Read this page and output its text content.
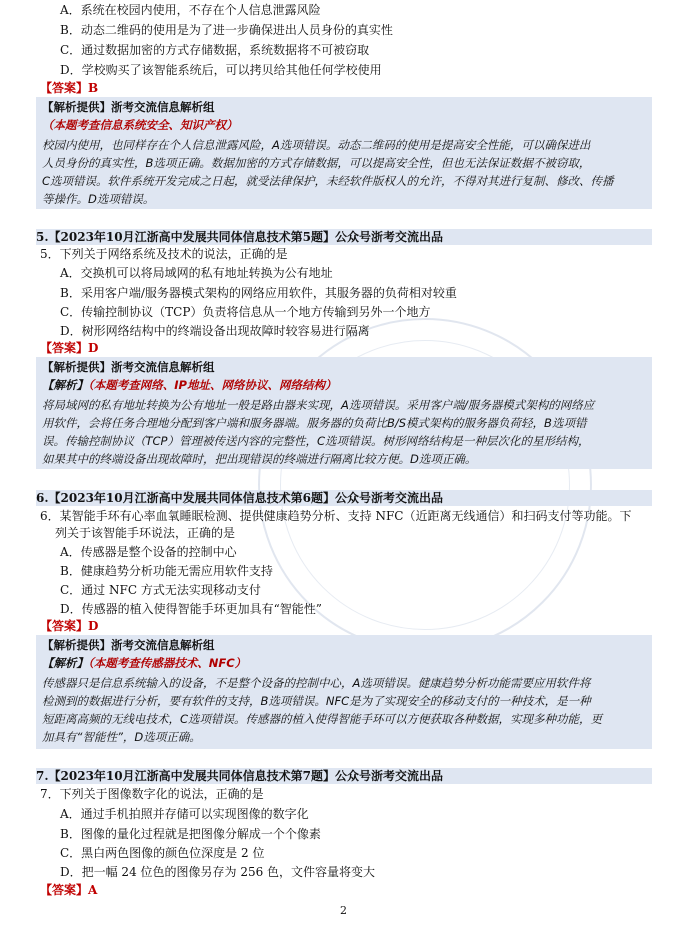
A．系统在校园内使用，不存在个人信息泄露风险
B．动态二维码的使用是为了进一步确保进出人员身份的真实性
C．通过数据加密的方式存储数据，系统数据将不可被窃取
D．学校购买了该智能系统后，可以拷贝给其他任何学校使用
【答案】B
【解析提供】浙考交流信息解析组
（本题考查信息系统安全、知识产权）
校园内使用，也同样存在个人信息泄露风险，A选项错误。动态二维码的使用是提高安全性能，可以确保进出
人员身份的真实性，B选项正确。数据加密的方式存储数据，可以提高安全性，但也无法保证数据不被窃取，
C选项错误。软件系统开发完成之日起，就受法律保护，未经软件版权人的允许，不得对其进行复制、修改、传播
等操作。D选项错误。
5.【2023年10月江浙高中发展共同体信息技术第5题】公众号浙考交流出品
5．下列关于网络系统及技术的说法，正确的是
A．交换机可以将局域网的私有地址转换为公有地址
B．采用客户端/服务器模式架构的网络应用软件，其服务器的负荷相对较重
C．传输控制协议（TCP）负责将信息从一个地方传输到另外一个地方
D．树形网络结构中的终端设备出现故障时较容易进行隔离
【答案】D
【解析提供】浙考交流信息解析组
【解析】（本题考查网络、IP地址、网络协议、网络结构）
将局域网的私有地址转换为公有地址一般是路由器来实现，A选项错误。采用客户端/服务器模式架构的网络应
用软件，会将任务合理地分配到客户端和服务器端。服务器的负荷比B/S模式架构的服务器负荷轻，B选项错
误。传输控制协议（TCP）管理被传送内容的完整性，C选项错误。树形网络结构是一种层次化的星形结构，
如果其中的终端设备出现故障时，把出现错误的终端进行隔离比较方便。D选项正确。
6.【2023年10月江浙高中发展共同体信息技术第6题】公众号浙考交流出品
6．某智能手环有心率血氧睡眠检测、提供健康趋势分析、支持 NFC（近距离无线通信）和扫码支付等功能。下
列关于该智能手环说法，正确的是
A．传感器是整个设备的控制中心
B．健康趋势分析功能无需应用软件支持
C．通过 NFC 方式无法实现移动支付
D．传感器的植入使得智能手环更加具有“智能性”
【答案】D
【解析提供】浙考交流信息解析组
【解析】（本题考查传感器技术、NFC）
传感器只是信息系统输入的设备，不是整个设备的控制中心，A选项错误。健康趋势分析功能需要应用软件将
检测到的数据进行分析，要有软件的支持，B选项错误。NFC是为了实现安全的移动支付的一种技术，是一种
短距离高频的无线电技术，C选项错误。传感器的植入使得智能手环可以方便获取各种数据，实现多种功能，更
加具有“智能性”，D选项正确。
7.【2023年10月江浙高中发展共同体信息技术第7题】公众号浙考交流出品
7．下列关于图像数字化的说法，正确的是
A．通过手机拍照并存储可以实现图像的数字化
B．图像的量化过程就是把图像分解成一个个像素
C．黑白两色图像的颜色位深度是 2 位
D．把一幅 24 位色的图像另存为 256 色，文件容量将变大
【答案】A
2
